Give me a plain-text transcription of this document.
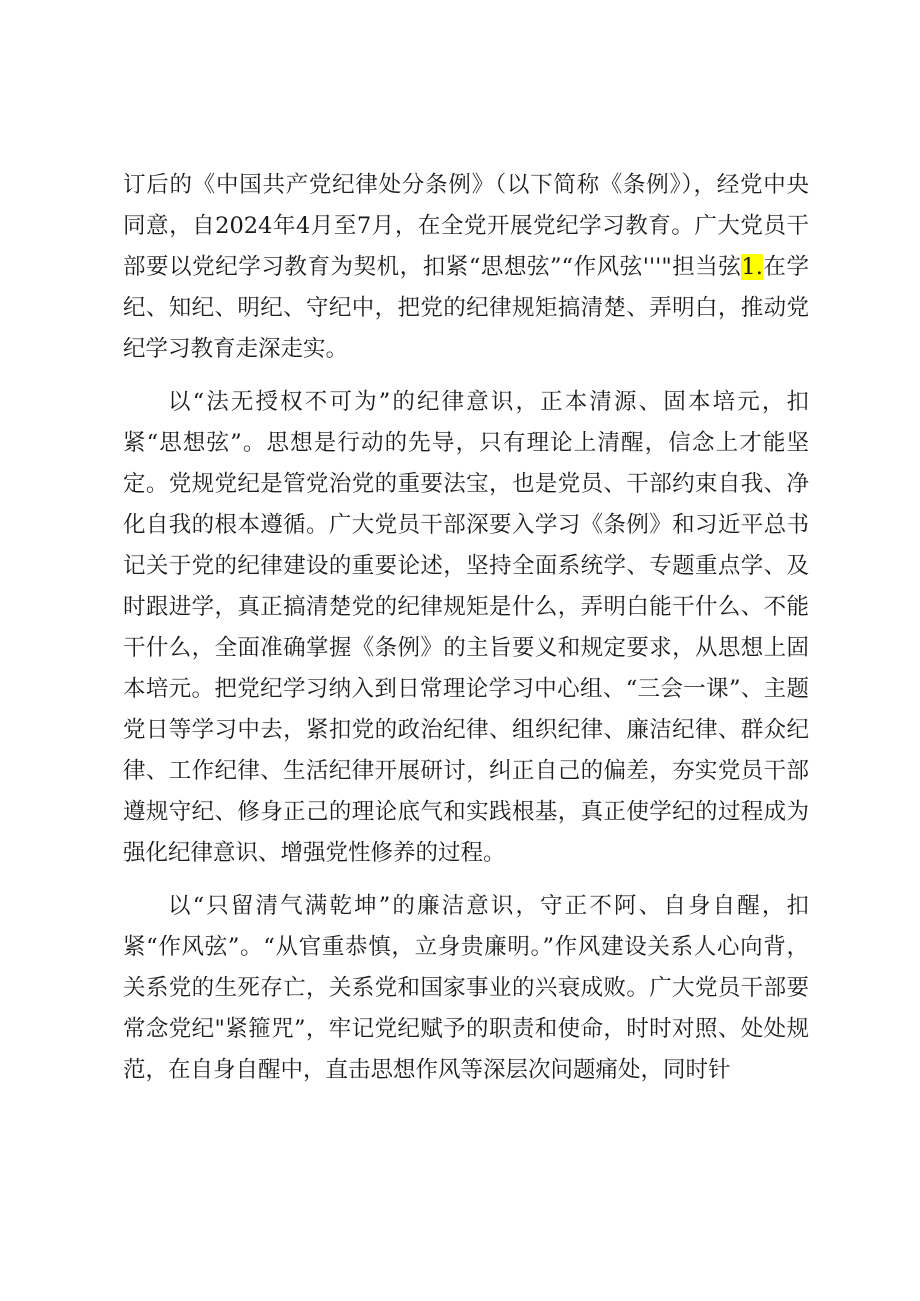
订后的《中国共产党纪律处分条例》（以下简称《条例》），经党中央同意，自2024年4月至7月，在全党开展党纪学习教育。广大党员干部要以党纪学习教育为契机，扣紧“思想弦”“作风弦'''"担当弦1.在学纪、知纪、明纪、守纪中，把党的纪律规矩搞清楚、弄明白，推动党纪学习教育走深走实。

以“法无授权不可为”的纪律意识，正本清源、固本培元，扣紧“思想弦”。思想是行动的先导，只有理论上清醒，信念上才能坚定。党规党纪是管党治党的重要法宝，也是党员、干部约束自我、净化自我的根本遵循。广大党员干部深要入学习《条例》和习近平总书记关于党的纪律建设的重要论述，坚持全面系统学、专题重点学、及时跟进学，真正搞清楚党的纪律规矩是什么，弄明白能干什么、不能干什么，全面准确掌握《条例》的主旨要义和规定要求，从思想上固本培元。把党纪学习纳入到日常理论学习中心组、“三会一课”、主题党日等学习中去，紧扣党的政治纪律、组织纪律、廉洁纪律、群众纪律、工作纪律、生活纪律开展研讨，纠正自己的偏差，夯实党员干部遵规守纪、修身正己的理论底气和实践根基，真正使学纪的过程成为强化纪律意识、增强党性修养的过程。

以“只留清气满乾坤”的廉洁意识，守正不阿、自身自醒，扣紧“作风弦”。“从官重恭慎，立身贵廉明。”作风建设关系人心向背，关系党的生死存亡，关系党和国家事业的兴衰成败。广大党员干部要常念党纪"紧箍咒”，牢记党纪赋予的职责和使命，时时对照、处处规范，在自身自醒中，直击思想作风等深层次问题痛处，同时针
